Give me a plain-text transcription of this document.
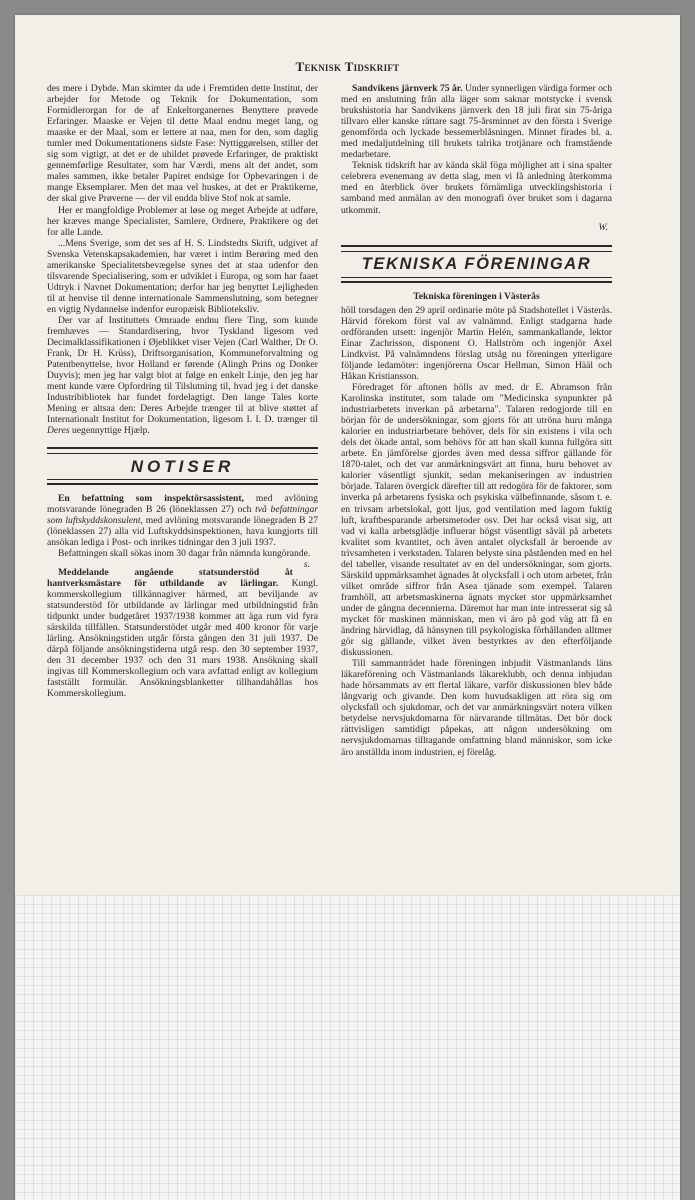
Teknisk Tidskrift

des mere i Dybde. Man skimter da ude i Fremtiden dette Institut, der arbejder for Metode og Teknik for Dokumentation, som Formidlerorgan for de af Enkeltorganernes Benyttere prøvede Erfaringer. Maaske er Vejen til dette Maal endnu meget lang, og maaske er der Maal, som er lettere at naa, men for den, som daglig tumler med Dokumentationens sidste Fase: Nyttiggørelsen, stiller det sig som vigtigt, at det er de uhildet prøvede Erfaringer, de praktiskt gennemførlige Resultater, som har Værdi, mens alt det andet, som males sammen, ikke betaler Papiret endsige for Opbevaringen i de mange Eksemplarer. Men det maa vel huskes, at det er Praktikerne, der skal give Prøverne — der vil endda blive Stof nok at samle.

Her er mangfoldige Problemer at løse og meget Arbejde at udføre, her kræves mange Specialister, Samlere, Ordnere, Praktikere og det for alle Lande.

...Mens Sverige, som det ses af H. S. Lindstedts Skrift, udgivet af Svenska Vetenskapsakademien, har været i intim Berøring med den amerikanske Specialitetsbevægelse synes det at staa udenfor den tilsvarende Specialisering, som er udviklet i Europa, og som har faaet Udtryk i Navnet Dokumentation; derfor har jeg benyttet Lejligheden til at henvise til denne internationale Sammenslutning, som betegner en vigtig Nydannelse indenfor europæisk Biblioteksliv.

Der var af Instituttets Omraade endnu flere Ting, som kunde fremhæves — Standardisering, hvor Tyskland ligesom ved Decimalklassifikationen i Øjeblikket viser Vejen (Carl Walther, Dr O. Frank, Dr H. Krüss), Driftsorganisation, Kommuneforvaltning og Patentbenyttelse, hvor Holland er førende (Alingh Prins og Donker Duyvis); men jeg har valgt blot at følge en enkelt Linje, den jeg har ment kunde være Opfordring til Tilslutning til, hvad jeg i det danske Industribibliotek har fundet fordelagtigt. Den lange Tales korte Mening er altsaa den: Deres Arbejde trænger til at blive støttet af Internationalt Institut for Dokumentation, ligesom I. I. D. trænger til Deres uegennyttige Hjælp.

NOTISER

En befattning som inspektörsassistent, med avlöning motsvarande lönegraden B 26 (löneklassen 27) och två befattningar som luftskyddskonsulent, med avlöning motsvarande lönegraden B 27 (löneklassen 27) alla vid Luftskyddsinspektionen, hava kungjorts till ansökan lediga i Post- och inrikes tidningar den 3 juli 1937.

Befattningen skall sökas inom 30 dagar från nämnda kungörande.
s.

Meddelande angående statsunderstöd åt hantverksmästare för utbildande av lärlingar. Kungl. kommerskollegium tillkännagiver härmed, att beviljande av statsunderstöd för utbildande av lärlingar med utbildningstid från tidpunkt under budgetåret 1937/1938 kommer att äga rum vid fyra särskilda tillfällen. Statsunderstödet utgår med 400 kronor för varje lärling. Ansökningstiden utgår första gången den 31 juli 1937. De därpå följande ansökningstiderna utgå resp. den 30 september 1937, den 31 december 1937 och den 31 mars 1938. Ansökning skall ingivas till Kommerskollegium och vara avfattad enligt av kollegium fastställt formulär. Ansökningsblanketter tillhandahållas hos Kommerskollegium.

Sandvikens järnverk 75 år. Under synnerligen värdiga former och med en anslutning från alla läger som saknar motstycke i svensk brukshistoria har Sandvikens järnverk den 18 juli firat sin 75-åriga tillvaro eller kanske rättare sagt 75-årsminnet av den första i Sverige genomförda och lyckade bessemerblåsningen. Minnet firades bl. a. med medaljutdelning till brukets talrika trotjänare och framstående medarbetare.

Teknisk tidskrift har av kända skäl föga möjlighet att i sina spalter celebrera evenemang av detta slag, men vi få anledning återkomma med en återblick över brukets förnämliga utvecklingshistoria i samband med anmälan av den monografi över bruket som i dagarna utkommit.

W.
TEKNISKA FÖRENINGAR
Tekniska föreningen i Västerås

höll torsdagen den 29 april ordinarie möte på Stadshotellet i Västerås. Härvid förekom först val av valnämnd. Enligt stadgarna hade ordföranden utsett: ingenjör Martin Helén, sammankallande, lektor Einar Zachrisson, disponent O. Hallström och ingenjör Axel Lindkvist. På valnämndens förslag utsåg nu föreningen ytterligare följande ledamöter: ingenjörerna Oscar Hellman, Simon Hääl och Håkan Kristiansson.

Föredraget för aftonen hölls av med. dr E. Abramson från Karolinska institutet, som talade om "Medicinska synpunkter på industriarbetets inverkan på arbetarna". Talaren redogjorde till en början för de undersökningar, som gjorts för att utröna huru många kalorier en industriarbetare behöver, dels för sin existens i vila och dels det ökade antal, som behövs för att han skall kunna fullgöra sitt arbete. En jämförelse gjordes även med dessa siffror gällande för 1870-talet, och det var anmärkningsvärt att finna, huru behovet av kalorier väsentligt sjunkit, sedan mekaniseringen av industrien började. Talaren övergick därefter till att redogöra för de faktorer, som inverka på arbetarens fysiska och psykiska välbefinnande, såsom t. e. en trivsam arbetslokal, gott ljus, god ventilation med lagom fuktig luft, kraftbesparande arbetsmetoder osv. Det har också visat sig, att vad vi kalla arbetsglädje influerar högst väsentligt såväl på arbetets kvalitet som kvantitet, och även antalet olycksfall är beroende av trivsamheten i verkstaden. Talaren belyste sina påståenden med en hel del tabeller, visande resultatet av en del undersökningar, som gjorts. Särskild uppmärksamhet ägnades åt olycksfall i och utom arbetet, från vilket område siffror från Asea tjänade som exempel. Talaren framhöll, att arbetsmaskinerna ägnats mycket stor uppmärksamhet under de gångna decennierna. Däremot har man inte intresserat sig så mycket för maskinen människan, men vi äro på god väg att få en ändring härvidlag, då hänsynen till psykologiska förhållanden alltmer gör sig gällande, vilket även bestyrktes av den efterföljande diskussionen.

Till sammanträdet hade föreningen inbjudit Västmanlands läns läkareförening och Västmanlands läkareklubb, och denna inbjudan hade hörsammats av ett flertal läkare, varför diskussionen blev både långvarig och givande. Den kom huvudsakligen att röra sig om olycksfall och sjukdomar, och det var anmärkningsvärt notera vilken betydelse nervsjukdomarna för närvarande tillmätas. Det bör dock rättvisligen samtidigt påpekas, att någon undersökning om nervsjukdomarnas tilltagande omfattning bland människor, som icke äro anställda inom industrien, ej förelåg.
